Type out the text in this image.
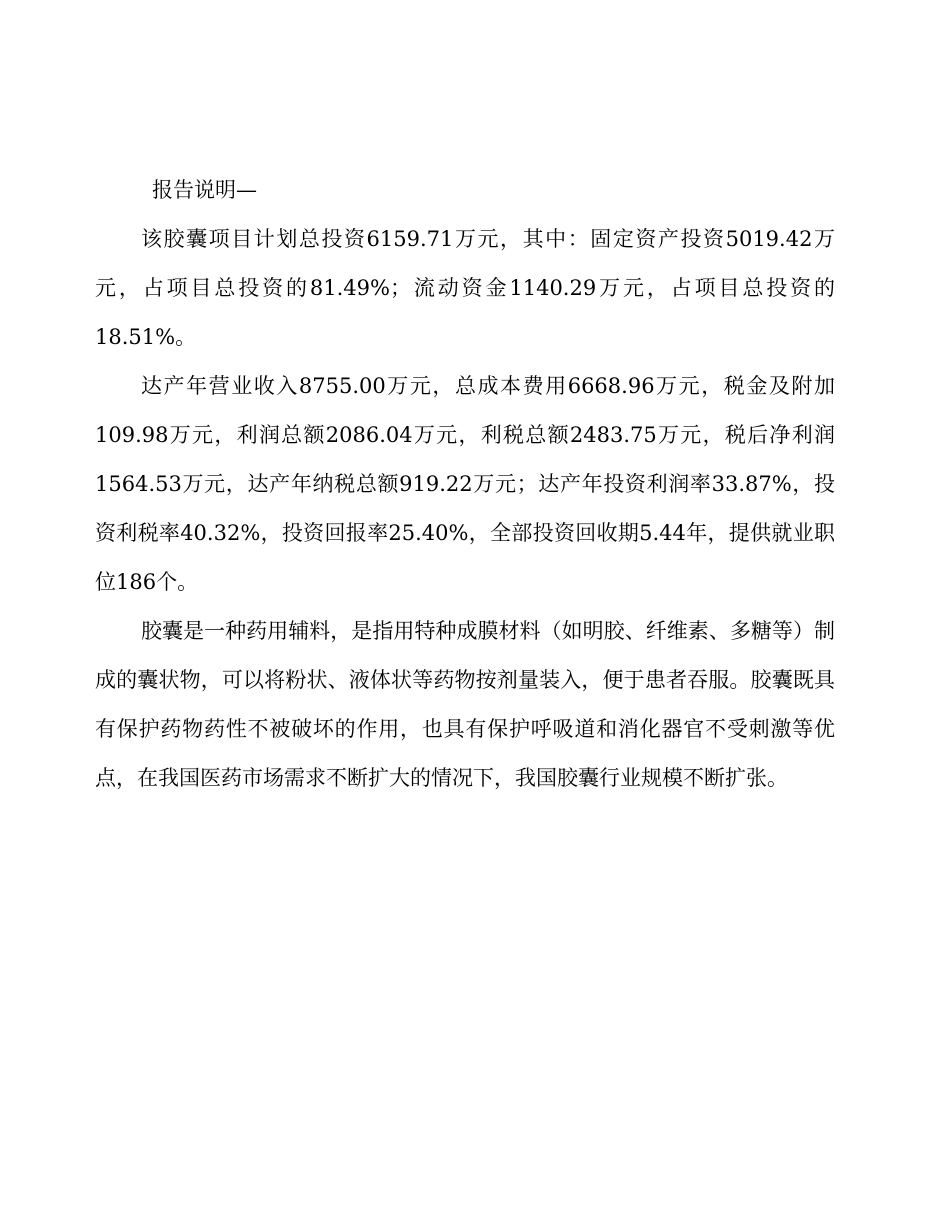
报告说明—

该胶囊项目计划总投资6159.71万元，其中：固定资产投资5019.42万元，占项目总投资的81.49%；流动资金1140.29万元，占项目总投资的18.51%。

达产年营业收入8755.00万元，总成本费用6668.96万元，税金及附加109.98万元，利润总额2086.04万元，利税总额2483.75万元，税后净利润1564.53万元，达产年纳税总额919.22万元；达产年投资利润率33.87%，投资利税率40.32%，投资回报率25.40%，全部投资回收期5.44年，提供就业职位186个。

胶囊是一种药用辅料，是指用特种成膜材料（如明胶、纤维素、多糖等）制成的囊状物，可以将粉状、液体状等药物按剂量装入，便于患者吞服。胶囊既具有保护药物药性不被破坏的作用，也具有保护呼吸道和消化器官不受刺激等优点，在我国医药市场需求不断扩大的情况下，我国胶囊行业规模不断扩张。
